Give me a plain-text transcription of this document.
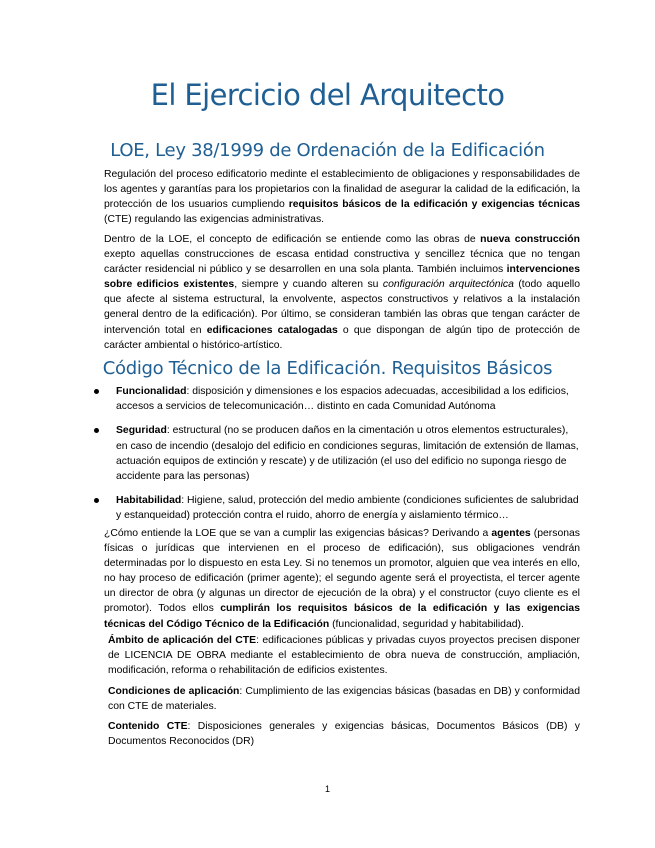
El Ejercicio del Arquitecto
LOE, Ley 38/1999 de Ordenación de la Edificación

Regulación del proceso edificatorio medinte el establecimiento de obligaciones y responsabilidades de los agentes y garantías para los propietarios con la finalidad de asegurar la calidad de la edificación, la protección de los usuarios cumpliendo requisitos básicos de la edificación y exigencias técnicas (CTE) regulando las exigencias administrativas.

Dentro de la LOE, el concepto de edificación se entiende como las obras de nueva construcción exepto aquellas construcciones de escasa entidad constructiva y sencillez técnica que no tengan carácter residencial ni público y se desarrollen en una sola planta. También incluimos intervenciones sobre edificios existentes, siempre y cuando alteren su configuración arquitectónica (todo aquello que afecte al sistema estructural, la envolvente, aspectos constructivos y relativos a la instalación general dentro de la edificación). Por último, se consideran también las obras que tengan carácter de intervención total en edificaciones catalogadas o que dispongan de algún tipo de protección de carácter ambiental o histórico-artístico.

Código Técnico de la Edificación. Requisitos Básicos
Funcionalidad: disposición y dimensiones e los espacios adecuadas, accesibilidad a los edificios, accesos a servicios de telecomunicación… distinto en cada Comunidad Autónoma
Seguridad: estructural (no se producen daños en la cimentación u otros elementos estructurales), en caso de incendio (desalojo del edificio en condiciones seguras, limitación de extensión de llamas, actuación equipos de extinción y rescate) y de utilización (el uso del edificio no suponga riesgo de accidente para las personas)
Habitabilidad: Higiene, salud, protección del medio ambiente (condiciones suficientes de salubridad y estanqueidad) protección contra el ruido, ahorro de energía y aislamiento térmico…

¿Cómo entiende la LOE que se van a cumplir las exigencias básicas? Derivando a agentes (personas físicas o jurídicas que intervienen en el proceso de edificación), sus obligaciones vendrán determinadas por lo dispuesto en esta Ley. Si no tenemos un promotor, alguien que vea interés en ello, no hay proceso de edificación (primer agente); el segundo agente será el proyectista, el tercer agente un director de obra (y algunas un director de ejecución de la obra) y el constructor (cuyo cliente es el promotor). Todos ellos cumplirán los requisitos básicos de la edificación y las exigencias técnicas del Código Técnico de la Edificación (funcionalidad, seguridad y habitabilidad).

Ámbito de aplicación del CTE: edificaciones públicas y privadas cuyos proyectos precisen disponer de LICENCIA DE OBRA mediante el establecimiento de obra nueva de construcción, ampliación, modificación, reforma o rehabilitación de edificios existentes.

Condiciones de aplicación: Cumplimiento de las exigencias básicas (basadas en DB) y conformidad con CTE de materiales.

Contenido CTE: Disposiciones generales y exigencias básicas, Documentos Básicos (DB) y Documentos Reconocidos (DR)

1
